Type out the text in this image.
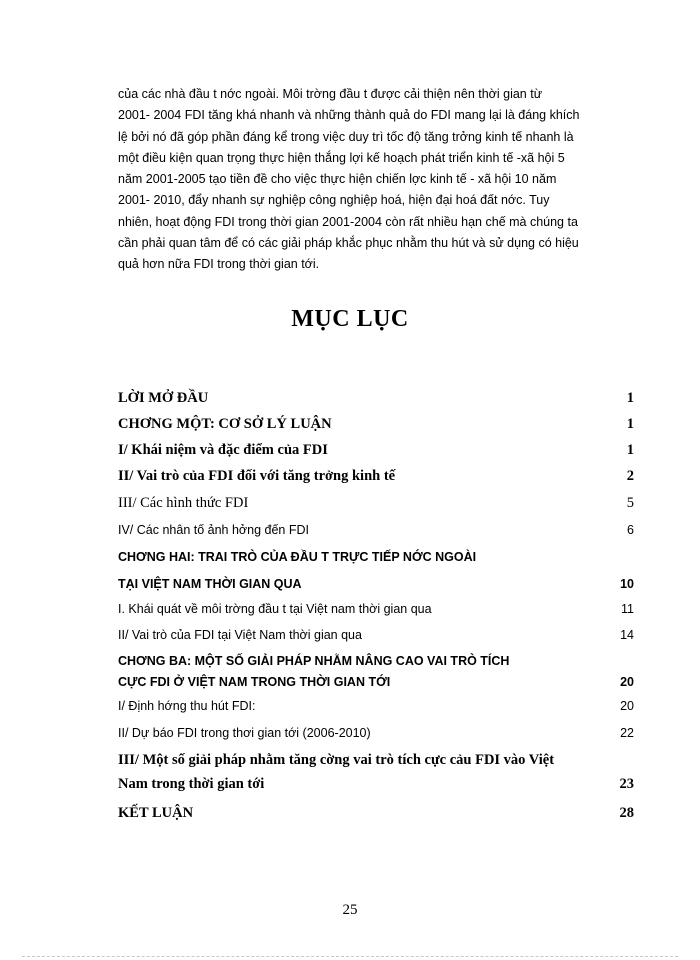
của các nhà đầu t nớc ngoài. Môi trờng đầu t được cải thiện nên thời gian từ
2001- 2004 FDI tăng khá nhanh và những thành quả do FDI mang lại là đáng khích
lệ bởi nó đã góp phần đáng kể trong việc duy trì tốc độ tăng trởng kinh tế nhanh là
một điều kiện quan trọng thực hiện thắng lợi kế hoạch phát triển kinh tế -xã hội 5
năm 2001-2005 tạo tiền đề cho việc thực hiện chiến lợc kinh tế - xã hội 10 năm
2001- 2010, đẩy nhanh sự nghiệp công nghiệp hoá, hiện đại hoá đất nớc. Tuy
nhiên, hoạt động FDI trong thời gian 2001-2004 còn rất nhiều hạn chế mà chúng ta
cần phải quan tâm để có các giải pháp khắc phục nhằm thu hút và sử dụng có hiệu
quả hơn nữa FDI trong thời gian tới.
MỤC LỤC
LỜI MỞ ĐẦU	1
CHƠNG MỘT: CƠ SỞ LÝ LUẬN	1
I/ Khái niệm và đặc điểm của FDI	1
II/ Vai trò của FDI đối với tăng trởng kinh tế	2
III/ Các hình thức FDI	5
IV/ Các nhân tố ảnh hởng đến FDI	6
CHƠNG HAI: TRAI TRÒ CỦA ĐẦU T TRỰC TIẾP NỚC NGOÀI
TẠI VIỆT NAM THỜI GIAN QUA	10
I. Khái quát về môi trờng đầu t tại Việt nam thời gian qua	11
II/ Vai trò của FDI tại Việt Nam thời gian qua	14
CHƠNG BA: MỘT SỐ GIẢI PHÁP NHẰM NÂNG CAO VAI TRÒ TÍCH
CỰC FDI Ở VIỆT NAM TRONG THỜI GIAN TỚI	20
I/ Định hớng thu hút FDI:	20
II/ Dự báo FDI trong thơi gian tới (2006-2010)	22
III/ Một số giải pháp nhằm tăng cờng vai trò tích cực cảu FDI vào Việt
Nam trong thời gian tới	23
KẾT LUẬN	28
25
